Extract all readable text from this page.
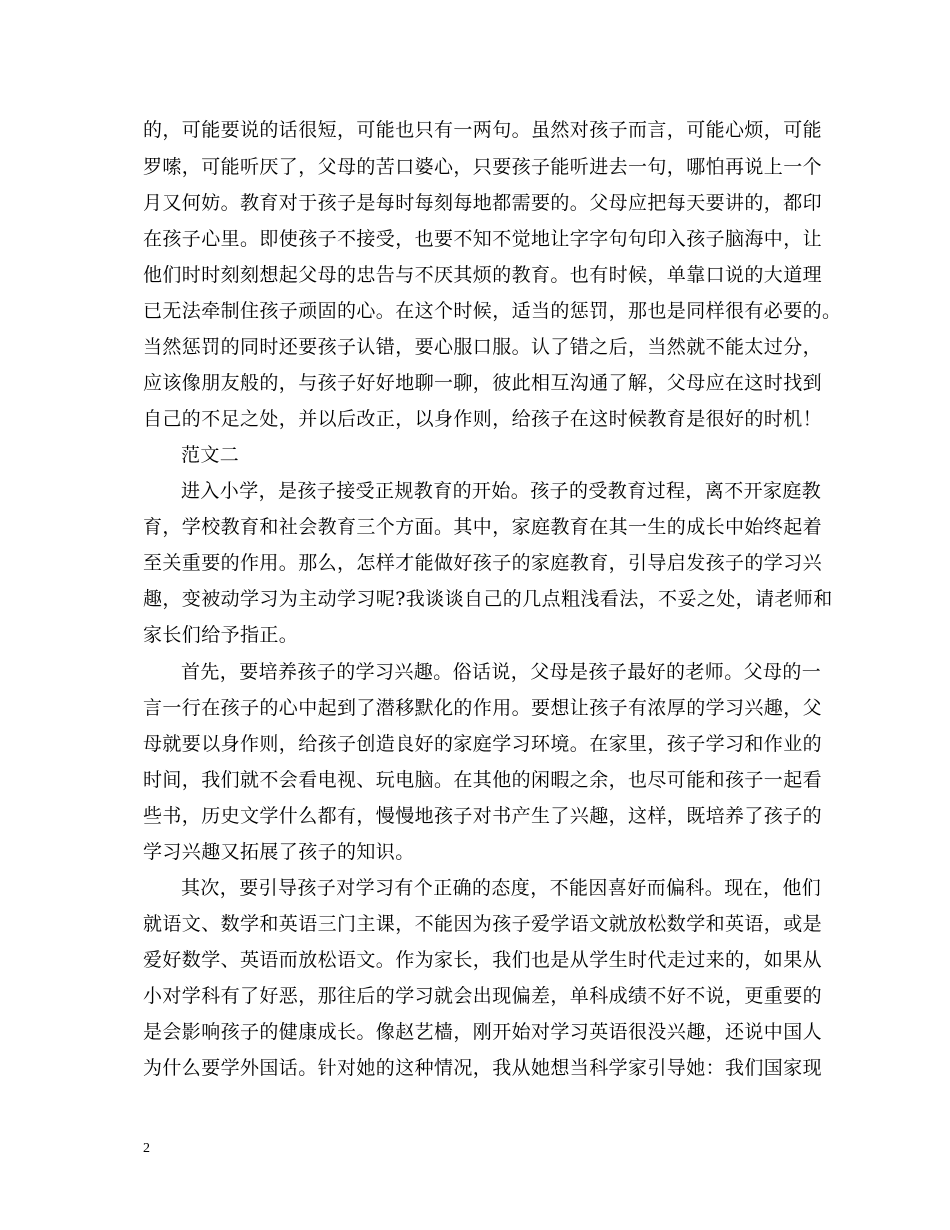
的，可能要说的话很短，可能也只有一两句。虽然对孩子而言，可能心烦，可能
罗嗦，可能听厌了，父母的苦口婆心，只要孩子能听进去一句，哪怕再说上一个
月又何妨。教育对于孩子是每时每刻每地都需要的。父母应把每天要讲的，都印
在孩子心里。即使孩子不接受，也要不知不觉地让字字句句印入孩子脑海中，让
他们时时刻刻想起父母的忠告与不厌其烦的教育。也有时候，单靠口说的大道理
已无法牵制住孩子顽固的心。在这个时候，适当的惩罚，那也是同样很有必要的。
当然惩罚的同时还要孩子认错，要心服口服。认了错之后，当然就不能太过分，
应该像朋友般的，与孩子好好地聊一聊，彼此相互沟通了解，父母应在这时找到
自己的不足之处，并以后改正，以身作则，给孩子在这时候教育是很好的时机！
范文二
进入小学，是孩子接受正规教育的开始。孩子的受教育过程，离不开家庭教
育，学校教育和社会教育三个方面。其中，家庭教育在其一生的成长中始终起着
至关重要的作用。那么，怎样才能做好孩子的家庭教育，引导启发孩子的学习兴
趣，变被动学习为主动学习呢?我谈谈自己的几点粗浅看法，不妥之处，请老师和
家长们给予指正。
首先，要培养孩子的学习兴趣。俗话说，父母是孩子最好的老师。父母的一
言一行在孩子的心中起到了潜移默化的作用。要想让孩子有浓厚的学习兴趣，父
母就要以身作则，给孩子创造良好的家庭学习环境。在家里，孩子学习和作业的
时间，我们就不会看电视、玩电脑。在其他的闲暇之余，也尽可能和孩子一起看
些书，历史文学什么都有，慢慢地孩子对书产生了兴趣，这样，既培养了孩子的
学习兴趣又拓展了孩子的知识。
其次，要引导孩子对学习有个正确的态度，不能因喜好而偏科。现在，他们
就语文、数学和英语三门主课，不能因为孩子爱学语文就放松数学和英语，或是
爱好数学、英语而放松语文。作为家长，我们也是从学生时代走过来的，如果从
小对学科有了好恶，那往后的学习就会出现偏差，单科成绩不好不说，更重要的
是会影响孩子的健康成长。像赵艺樯，刚开始对学习英语很没兴趣，还说中国人
为什么要学外国话。针对她的这种情况，我从她想当科学家引导她：我们国家现
2
